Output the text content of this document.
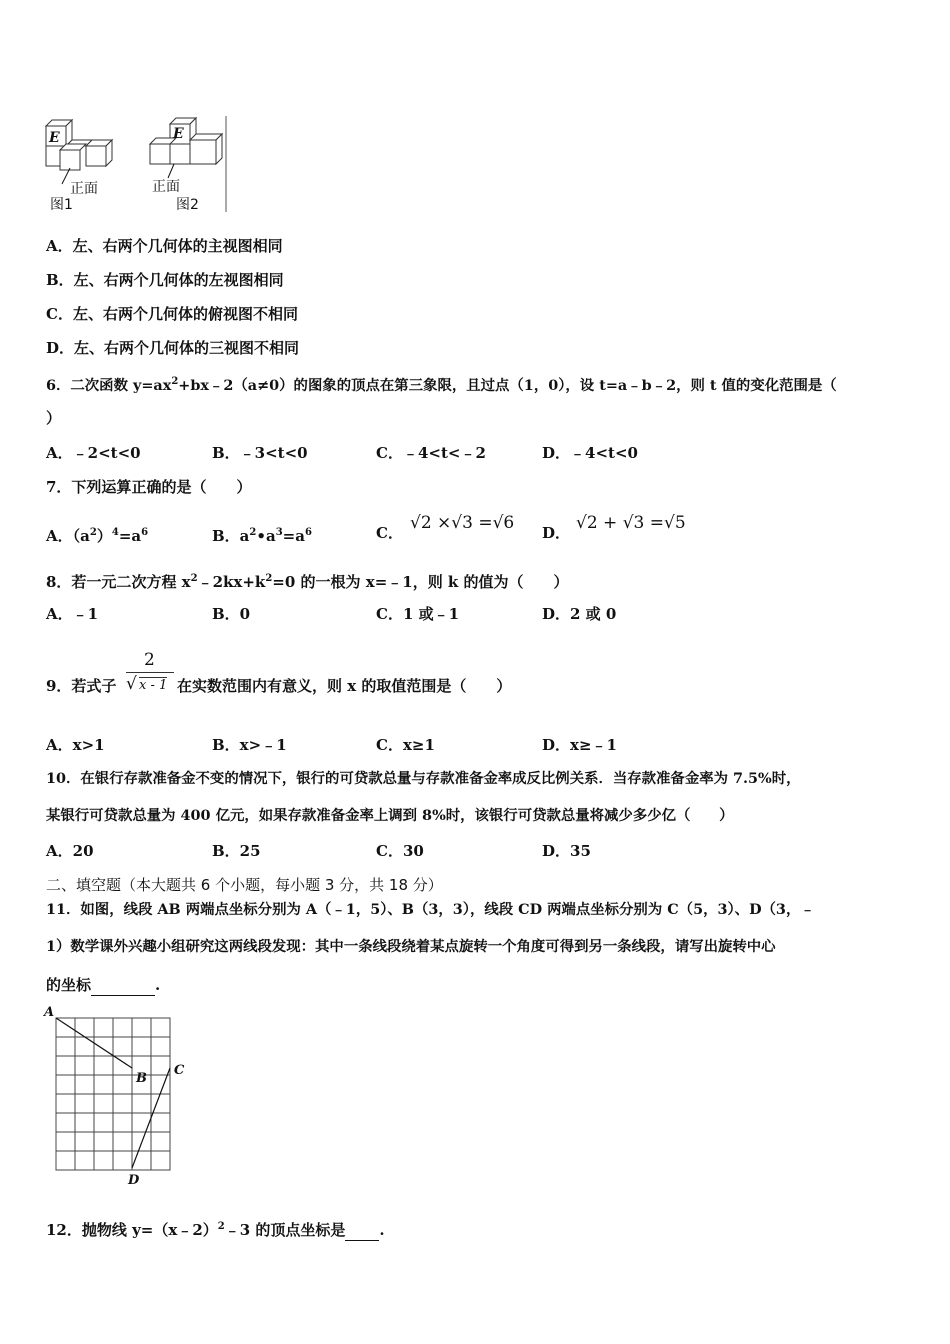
E	E
正面	正面
图1	图2
A．左、右两个几何体的主视图相同
B．左、右两个几何体的左视图相同
C．左、右两个几何体的俯视图不相同
D．左、右两个几何体的三视图不相同
6．二次函数 $y=ax^2+bx﹣2(a\ne 0)$的图象的顶点在第三象限，且过点（1，0），设 t=a﹣b﹣2，则 t 值的变化范围是（
）
A．﹣2<t<0	B．﹣3<t<0	C．﹣4<t<﹣2	D．﹣4<t<0
7．下列运算正确的是（　　）
A．$(a^2)^4=a^6$	B．$a^2•a^3=a^6$	C． √2 ×√3 =√6 D． √2 + √3 =√5
8．若一元二次方程 $x^2﹣2kx+k^2=0$ 的一根为 x=﹣1，则 k 的值为（　　）
A．﹣1	B．0	C．1 或﹣1	D．2 或 0
9．若式子
2
√ x - 1 在实数范围内有意义，则 x 的取值范围是（　　）
A．x>1	B．x>﹣1	C．x≥1	D．x≥﹣1
10．在银行存款准备金不变的情况下，银行的可贷款总量与存款准备金率成反比例关系．当存款准备金率为 7.5%时，
某银行可贷款总量为 400 亿元，如果存款准备金率上调到 8%时，该银行可贷款总量将减少多少亿（　　）
A．20	B．25	C．30	D．35
二、填空题（本大题共 6 个小题，每小题 3 分，共 18 分）
11．如图，线段 AB 两端点坐标分别为 A（﹣1，5）、B（3，3），线段 CD 两端点坐标分别为 C（5，3）、D（3，﹣
1）数学课外兴趣小组研究这两线段发现：其中一条线段绕着某点旋转一个角度可得到另一条线段，请写出旋转中心
的坐标	.
A
B
C
D
12．抛物线 y=（x﹣2）$^2$﹣3 的顶点坐标是 .
